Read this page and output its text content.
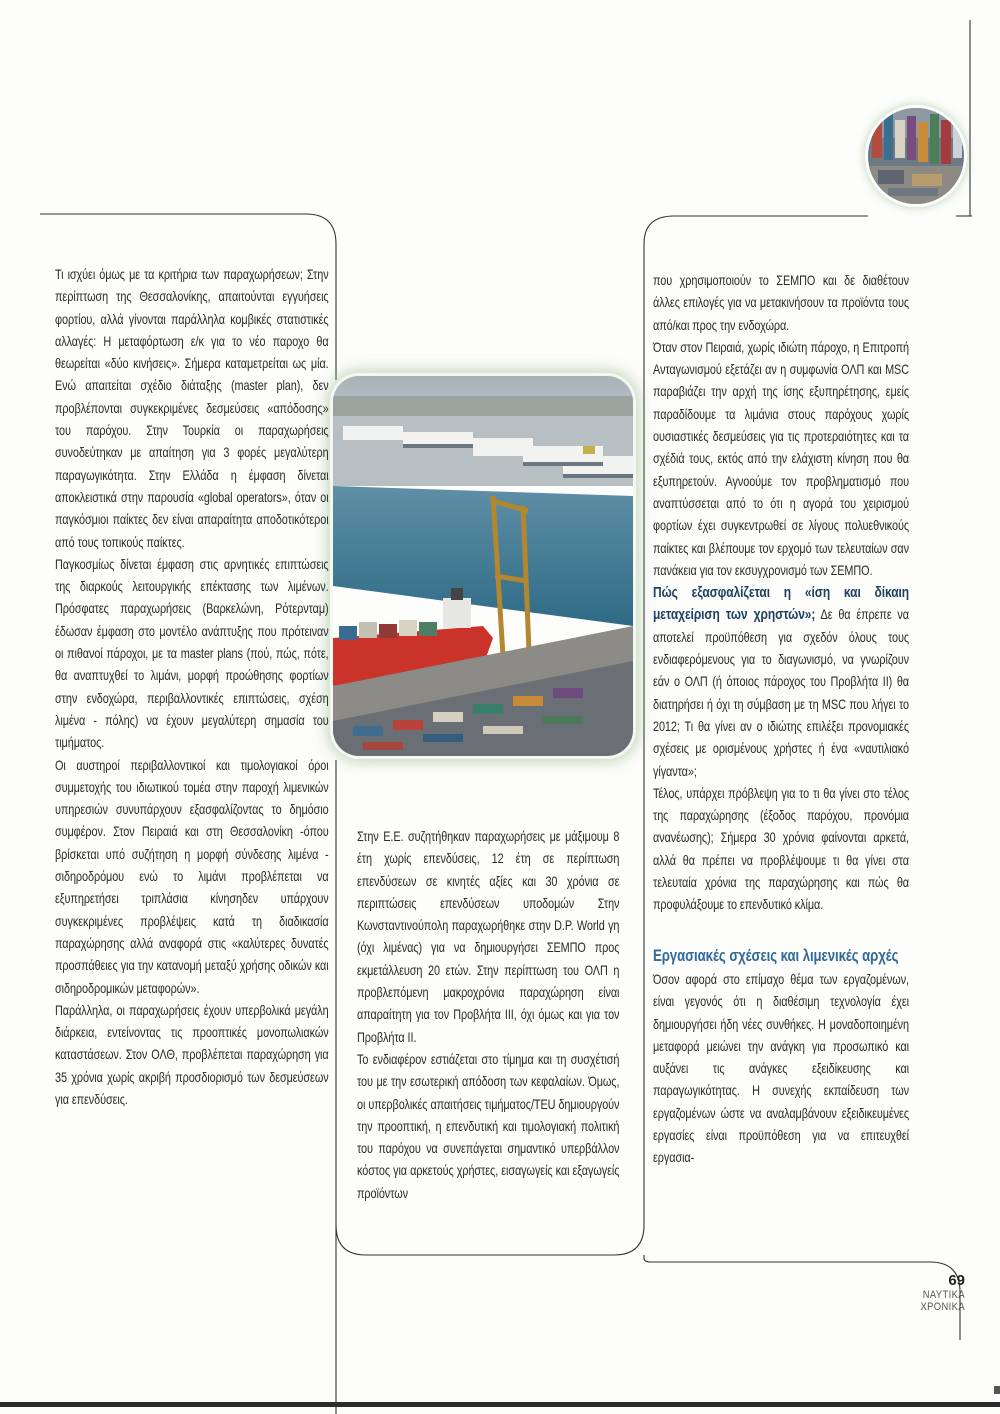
Τι ισχύει όμως με τα κριτήρια των παραχωρήσεων; Στην περίπτωση της Θεσσαλονίκης, απαιτούνται εγγυήσεις φορτίου, αλλά γίνονται παράλληλα κομβικές στατιστικές αλλαγές: Η μεταφόρτωση ε/κ για το νέο παροχο θα θεωρείται «δύο κινήσεις». Σήμερα καταμετρείται ως μία. Ενώ απαιτείται σχέδιο διάταξης (master plan), δεν προβλέπονται συγκεκριμένες δεσμεύσεις «απόδοσης» του παρόχου. Στην Τουρκία οι παραχωρήσεις συνοδεύτηκαν με απαίτηση για 3 φορές μεγαλύτερη παραγωγικότητα. Στην Ελλάδα η έμφαση δίνεται αποκλειστικά στην παρουσία «global operators», όταν οι παγκόσμιοι παίκτες δεν είναι απαραίτητα αποδοτικότεροι από τους τοπικούς παίκτες.

Παγκοσμίως δίνεται έμφαση στις αρνητικές επιπτώσεις της διαρκούς λειτουργικής επέκτασης των λιμένων. Πρόσφατες παραχωρήσεις (Βαρκελώνη, Ρότερνταμ) έδωσαν έμφαση στο μοντέλο ανάπτυξης που πρότειναν οι πιθανοί πάροχοι, με τα master plans (πού, πώς, πότε, θα αναπτυχθεί το λιμάνι, μορφή προώθησης φορτίων στην ενδοχώρα, περιβαλλοντικές επιπτώσεις, σχέση λιμένα - πόλης) να έχουν μεγαλύτερη σημασία του τιμήματος.

Οι αυστηροί περιβαλλοντικοί και τιμολογιακοί όροι συμμετοχής του ιδιωτικού τομέα στην παροχή λιμενικών υπηρεσιών συνυπάρχουν εξασφαλίζοντας το δημόσιο συμφέρον. Στον Πειραιά και στη Θεσσαλονίκη -όπου βρίσκεται υπό συζήτηση η μορφή σύνδεσης λιμένα - σιδηροδρόμου ενώ το λιμάνι προβλέπεται να εξυπηρετήσει τριπλάσια κίνησηδεν υπάρχουν συγκεκριμένες προβλέψεις κατά τη διαδικασία παραχώρησης αλλά αναφορά στις «καλύτερες δυνατές προσπάθειες για την κατανομή μεταξύ χρήσης οδικών και σιδηροδρομικών μεταφορών».

Παράλληλα, οι παραχωρήσεις έχουν υπερβολικά μεγάλη διάρκεια, εντείνοντας τις προοπτικές μονοπωλιακών καταστάσεων. Στον ΟΛΘ, προβλέπεται παραχώρηση για 35 χρόνια χωρίς ακριβή προσδιορισμό των δεσμεύσεων για επενδύσεις.

Στην Ε.Ε. συζητήθηκαν παραχωρήσεις με μάξιμουμ 8 έτη χωρίς επενδύσεις, 12 έτη σε περίπτωση επενδύσεων σε κινητές αξίες και 30 χρόνια σε περιπτώσεις επενδύσεων υποδομών Στην Κωνσταντινούπολη παραχωρήθηκε στην D.P. World γη (όχι λιμένας) για να δημιουργήσει ΣΕΜΠΟ προς εκμετάλλευση 20 ετών. Στην περίπτωση του ΟΛΠ η προβλεπόμενη μακροχρόνια παραχώρηση είναι απαραίτητη για τον Προβλήτα ΙΙΙ, όχι όμως και για τον Προβλήτα ΙΙ.

Το ενδιαφέρον εστιάζεται στο τίμημα και τη συσχέτισή του με την εσωτερική απόδοση των κεφαλαίων. Όμως, οι υπερβολικές απαιτήσεις τιμήματος/TEU δημιουργούν την προοπτική, η επενδυτική και τιμολογιακή πολιτική του παρόχου να συνεπάγεται σημαντικό υπερβάλλον κόστος για αρκετούς χρήστες, εισαγωγείς και εξαγωγείς προϊόντων

που χρησιμοποιούν το ΣΕΜΠΟ και δε διαθέτουν άλλες επιλογές για να μετακινήσουν τα προϊόντα τους από/και προς την ενδοχώρα.

Όταν στον Πειραιά, χωρίς ιδιώτη πάροχο, η Επιτροπή Ανταγωνισμού εξετάζει αν η συμφωνία ΟΛΠ και MSC παραβιάζει την αρχή της ίσης εξυπηρέτησης, εμείς παραδίδουμε τα λιμάνια στους παρόχους χωρίς ουσιαστικές δεσμεύσεις για τις προτεραιότητες και τα σχέδιά τους, εκτός από την ελάχιστη κίνηση που θα εξυπηρετούν. Αγνοούμε τον προβληματισμό που αναπτύσσεται από το ότι η αγορά του χειρισμού φορτίων έχει συγκεντρωθεί σε λίγους πολυεθνικούς παίκτες και βλέπουμε τον ερχομό των τελευταίων σαν πανάκεια για τον εκσυγχρονισμό των ΣΕΜΠΟ.

Πώς εξασφαλίζεται η «ίση και δίκαιη μεταχείριση των χρηστών»; Δε θα έπρεπε να αποτελεί προϋπόθεση για σχεδόν όλους τους ενδιαφερόμενους για το διαγωνισμό, να γνωρίζουν εάν ο ΟΛΠ (ή όποιος πάροχος του Προβλήτα ΙΙ) θα διατηρήσει ή όχι τη σύμβαση με τη MSC που λήγει το 2012; Τι θα γίνει αν ο ιδιώτης επιλέξει προνομιακές σχέσεις με ορισμένους χρήστες ή ένα «ναυτιλιακό γίγαντα»;

Τέλος, υπάρχει πρόβλεψη για το τι θα γίνει στο τέλος της παραχώρησης (έξοδος παρόχου, προνόμια ανανέωσης); Σήμερα 30 χρόνια φαίνονται αρκετά, αλλά θα πρέπει να προβλέψουμε τι θα γίνει στα τελευταία χρόνια της παραχώρησης και πώς θα προφυλάξουμε το επενδυτικό κλίμα.

Εργασιακές σχέσεις και λιμενικές αρχές

Όσον αφορά στο επίμαχο θέμα των εργαζομένων, είναι γεγονός ότι η διαθέσιμη τεχνολογία έχει δημιουργήσει ήδη νέες συνθήκες. Η μοναδοποιημένη μεταφορά μειώνει την ανάγκη για προσωπικό και αυξάνει τις ανάγκες εξειδίκευσης και παραγωγικότητας. Η συνεχής εκπαίδευση των εργαζομένων ώστε να αναλαμβάνουν εξειδικευμένες εργασίες είναι προϋπόθεση για να επιτευχθεί εργασια-

69
ΝΑΥΤΙΚΑ
ΧΡΟΝΙΚΑ
